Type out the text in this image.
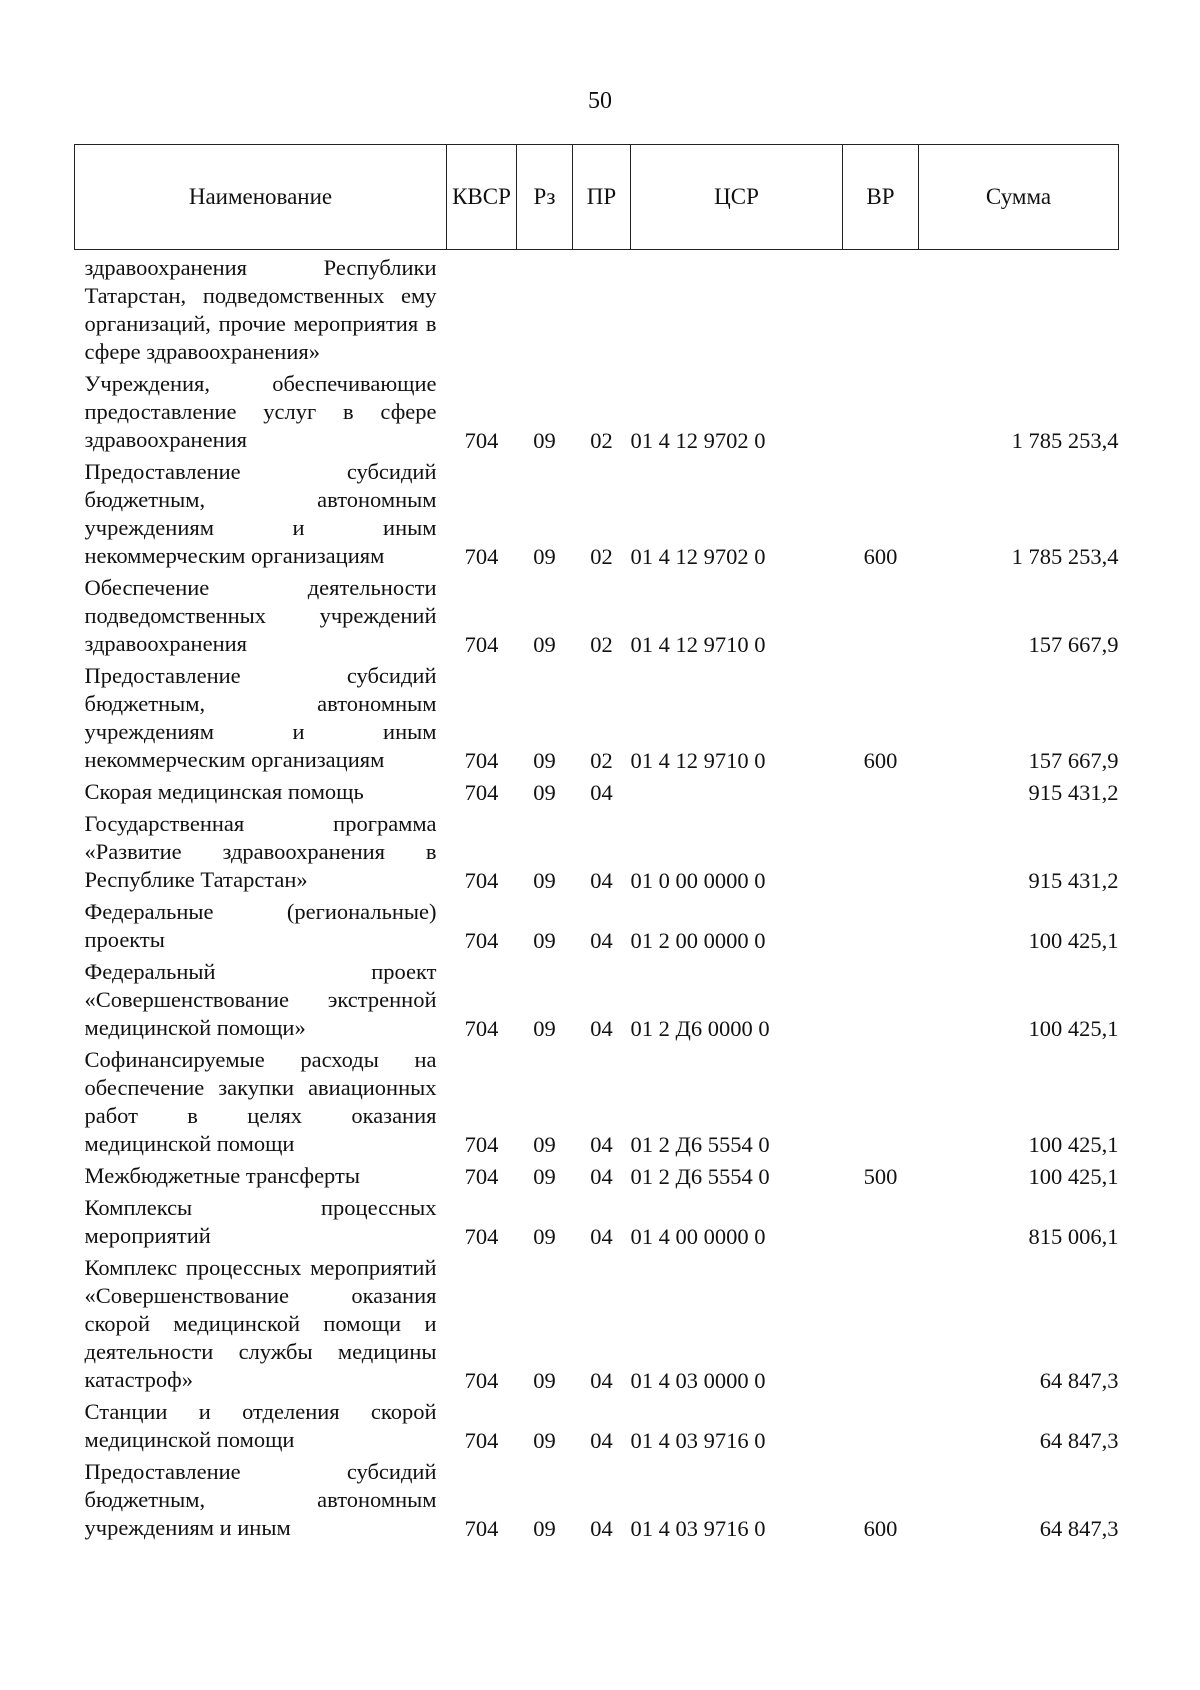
50
Наименование	КВСР	Рз	ПР	ЦСР	ВР	Сумма
здравоохранения Республики Татарстан, подведомственных ему организаций, прочие мероприятия в сфере здравоохранения»						
Учреждения, обеспечивающие предоставление услуг в сфере здравоохранения	704	09	02	01 4 12 9702 0		1 785 253,4
Предоставление субсидий бюджетным, автономным учреждениям и иным некоммерческим организациям	704	09	02	01 4 12 9702 0	600	1 785 253,4
Обеспечение деятельности подведомственных учреждений здравоохранения	704	09	02	01 4 12 9710 0		157 667,9
Предоставление субсидий бюджетным, автономным учреждениям и иным некоммерческим организациям	704	09	02	01 4 12 9710 0	600	157 667,9
Скорая медицинская помощь	704	09	04			915 431,2
Государственная программа «Развитие здравоохранения в Республике Татарстан»	704	09	04	01 0 00 0000 0		915 431,2
Федеральные (региональные) проекты	704	09	04	01 2 00 0000 0		100 425,1
Федеральный проект «Совершенствование экстренной медицинской помощи»	704	09	04	01 2 Д6 0000 0		100 425,1
Софинансируемые расходы на обеспечение закупки авиационных работ в целях оказания медицинской помощи	704	09	04	01 2 Д6 5554 0		100 425,1
Межбюджетные трансферты	704	09	04	01 2 Д6 5554 0	500	100 425,1
Комплексы процессных мероприятий	704	09	04	01 4 00 0000 0		815 006,1
Комплекс процессных мероприятий «Совершенствование оказания скорой медицинской помощи и деятельности службы медицины катастроф»	704	09	04	01 4 03 0000 0		64 847,3
Станции и отделения скорой медицинской помощи	704	09	04	01 4 03 9716 0		64 847,3
Предоставление субсидий бюджетным, автономным учреждениям и иным	704	09	04	01 4 03 9716 0	600	64 847,3
